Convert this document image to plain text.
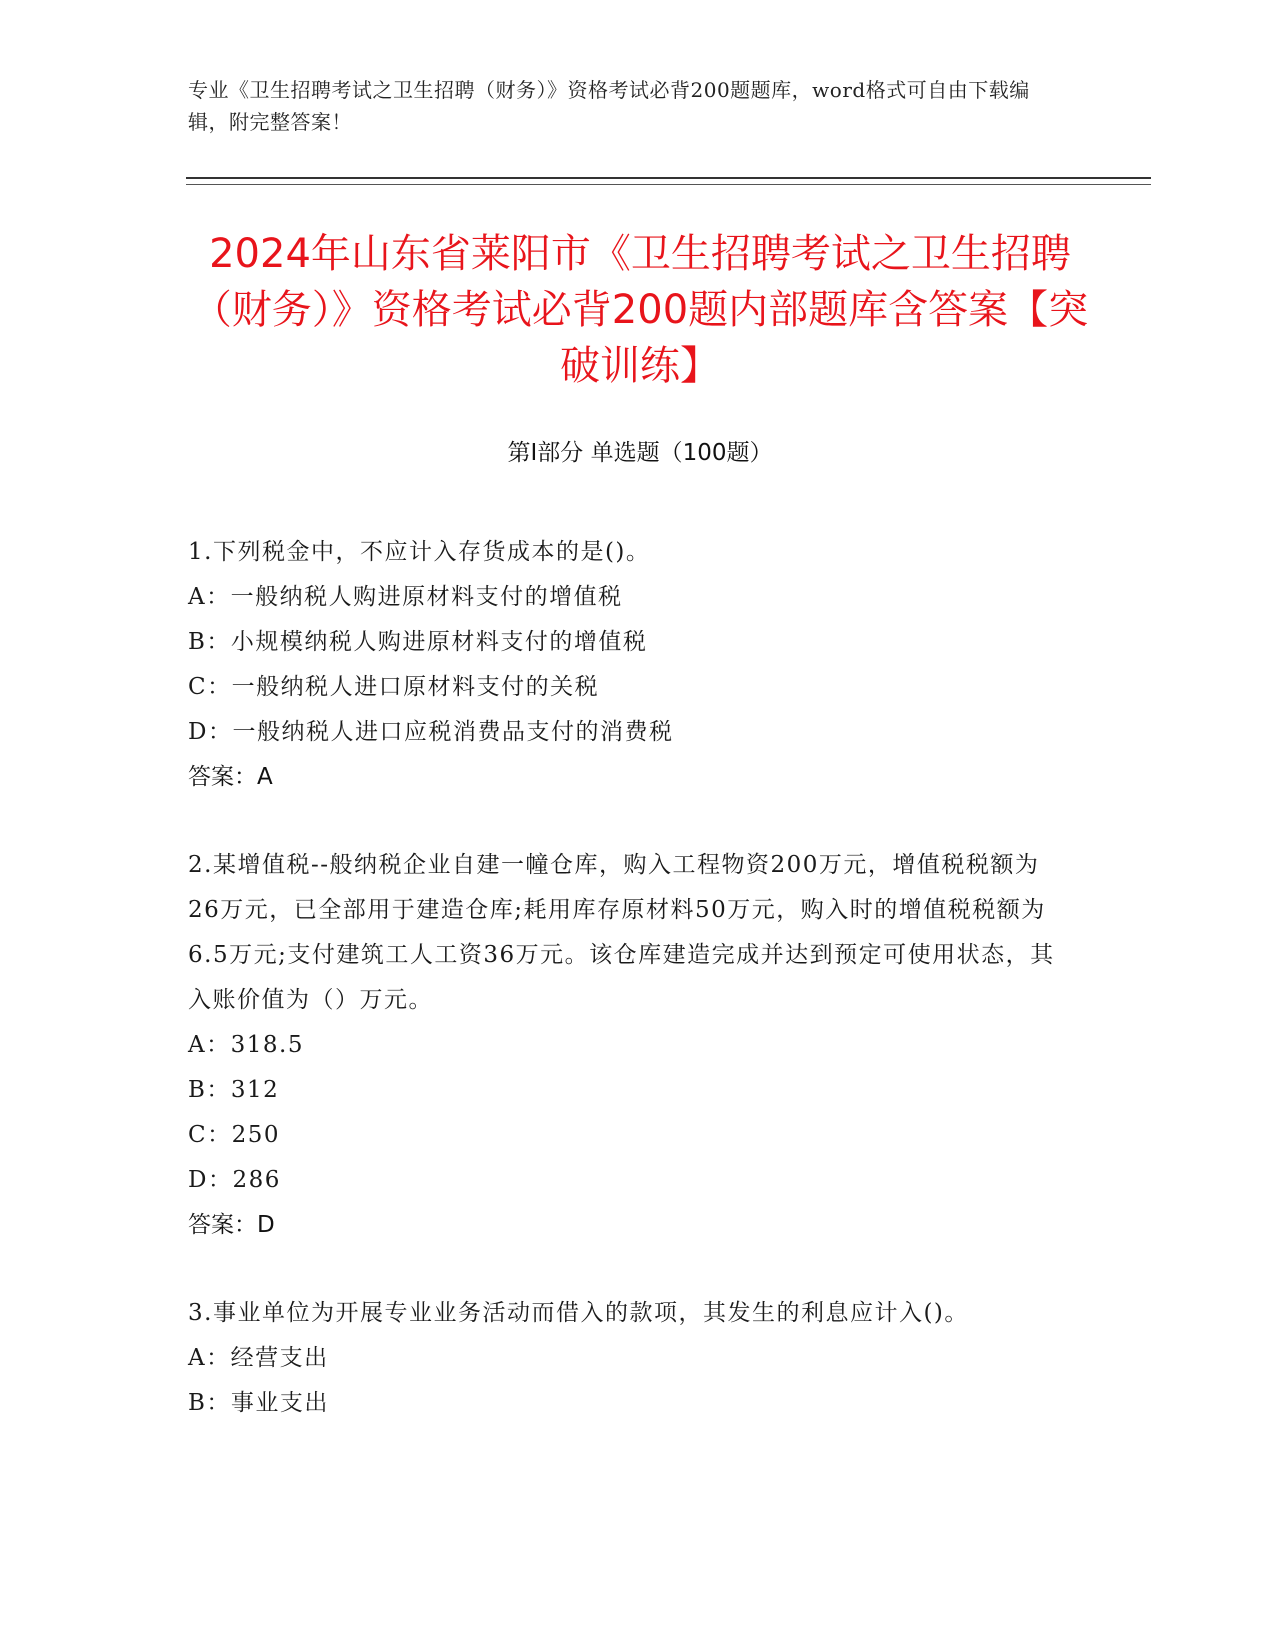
专业《卫生招聘考试之卫生招聘（财务）》资格考试必背200题题库，word格式可自由下载编辑，附完整答案！
2024年山东省莱阳市《卫生招聘考试之卫生招聘（财务）》资格考试必背200题内部题库含答案【突破训练】
第I部分 单选题（100题）
1.下列税金中，不应计入存货成本的是()。
A：一般纳税人购进原材料支付的增值税
B：小规模纳税人购进原材料支付的增值税
C：一般纳税人进口原材料支付的关税
D：一般纳税人进口应税消费品支付的消费税
答案：A
2.某增值税--般纳税企业自建一幢仓库，购入工程物资200万元，增值税税额为26万元，已全部用于建造仓库;耗用库存原材料50万元，购入时的增值税税额为6.5万元;支付建筑工人工资36万元。该仓库建造完成并达到预定可使用状态，其入账价值为（）万元。
A：318.5
B：312
C：250
D：286
答案：D
3.事业单位为开展专业业务活动而借入的款项，其发生的利息应计入()。
A：经营支出
B：事业支出
